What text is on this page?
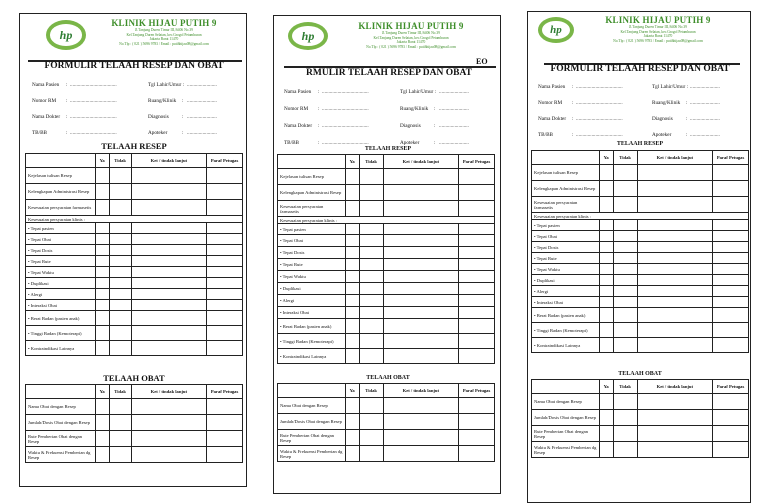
hp
KLINIK HIJAU PUTIH 9
Jl.Tanjung Duren Timur III,/6406 No.39
Kel.Tanjung Duren Selatan, kec.Grogol Petamburan
Jakarta Barat 11470
No.Tlp : ( 021 ) 5696 9783 / Email : putihhijau08@gmail.com
FORMULIR TELAAH RESEP DAN OBAT
Nama Pasien : ....................................	Tgl Lahir/Umur : .......................
Nomor RM : ....................................	Ruang/Klinik : .......................
Nama Dokter : ....................................	Diagnosis	: .......................
TB/BB	: ....................................	Apoteker	: .......................
TELAAH RESEP
	Ya	Tidak	Ket / tindak lanjut	Paraf Petugas
Kejelasan tulisan Resep				
Kelengkapan Administrasi Resep				
Kesesuaian persyaratan farmasetis				
Kesesuaian persyaratan klinis :				
• Tepat pasien				
• Tepat Obat				
• Tepat Dosis				
• Tepat Rute				
• Tepat Waktu				
• Duplikasi				
• Alergi				
• Interaksi Obat				
• Berat Badan (pasien anak)				
• Tinggi Badan (Kemoterapi)				
• Kontraindikasi Lainnya				
TELAAH OBAT
	Ya	Tidak	Ket / tindak lanjut	Paraf Petugas
Nama Obat dengan Resep				
Jumlah/Dosis Obat dengan Resep				
Rute Pemberian Obat dengan Resep				
Waktu & Frekuensi Pemberian dg Resep				
hp
KLINIK HIJAU PUTIH 9
Jl.Tanjung Duren Timur III,/6406 No.39
Kel.Tanjung Duren Selatan, kec.Grogol Petamburan
Jakarta Barat 11470
No.Tlp : ( 021 ) 5696 9783 / Email : putihhijau08@gmail.com
EO
RMULIR TELAAH RESEP DAN OBAT
Nama Pasien : ....................................	Tgl Lahir/Umur : .......................
Nomor RM : ....................................	Ruang/Klinik : .......................
Nama Dokter : ....................................	Diagnosis	: .......................
TB/BB	: ....................................	Apoteker	: .......................
TELAAH RESEP
	Ya	Tidak	Ket / tindak lanjut	Paraf Petugas
Kejelasan tulisan Resep				
Kelengkapan Administrasi Resep				
Kesesuaian persyaratan farmasetis				
Kesesuaian persyaratan klinis :				
• Tepat pasien				
• Tepat Obat				
• Tepat Dosis				
• Tepat Rute				
• Tepat Waktu				
• Duplikasi				
• Alergi				
• Interaksi Obat				
• Berat Badan (pasien anak)				
• Tinggi Badan (Kemoterapi)				
• Kontraindikasi Lainnya				
TELAAH OBAT
	Ya	Tidak	Ket / tindak lanjut	Paraf Petugas
Nama Obat dengan Resep				
Jumlah/Dosis Obat dengan Resep				
Rute Pemberian Obat dengan Resep				
Waktu & Frekuensi Pemberian dg Resep				
hp
KLINIK HIJAU PUTIH 9
Jl.Tanjung Duren Timur III,/6406 No.39
Kel.Tanjung Duren Selatan, kec.Grogol Petamburan
Jakarta Barat 11470
No.Tlp : ( 021 ) 5696 9783 / Email : putihhijau08@gmail.com
FORMULIR TELAAH RESEP DAN OBAT
Nama Pasien : ....................................	Tgl Lahir/Umur : .......................
Nomor RM : ....................................	Ruang/Klinik : .......................
Nama Dokter : ....................................	Diagnosis	: .......................
TB/BB	: ....................................	Apoteker	: .......................
TELAAH RESEP
	Ya	Tidak	Ket / tindak lanjut	Paraf Petugas
Kejelasan tulisan Resep				
Kelengkapan Administrasi Resep				
Kesesuaian persyaratan farmasetis				
Kesesuaian persyaratan klinis :				
• Tepat pasien				
• Tepat Obat				
• Tepat Dosis				
• Tepat Rute				
• Tepat Waktu				
• Duplikasi				
• Alergi				
• Interaksi Obat				
• Berat Badan (pasien anak)				
• Tinggi Badan (Kemoterapi)				
• Kontraindikasi Lainnya				
TELAAH OBAT
	Ya	Tidak	Ket / tindak lanjut	Paraf Petugas
Nama Obat dengan Resep				
Jumlah/Dosis Obat dengan Resep				
Rute Pemberian Obat dengan Resep				
Waktu & Frekuensi Pemberian dg Resep				
